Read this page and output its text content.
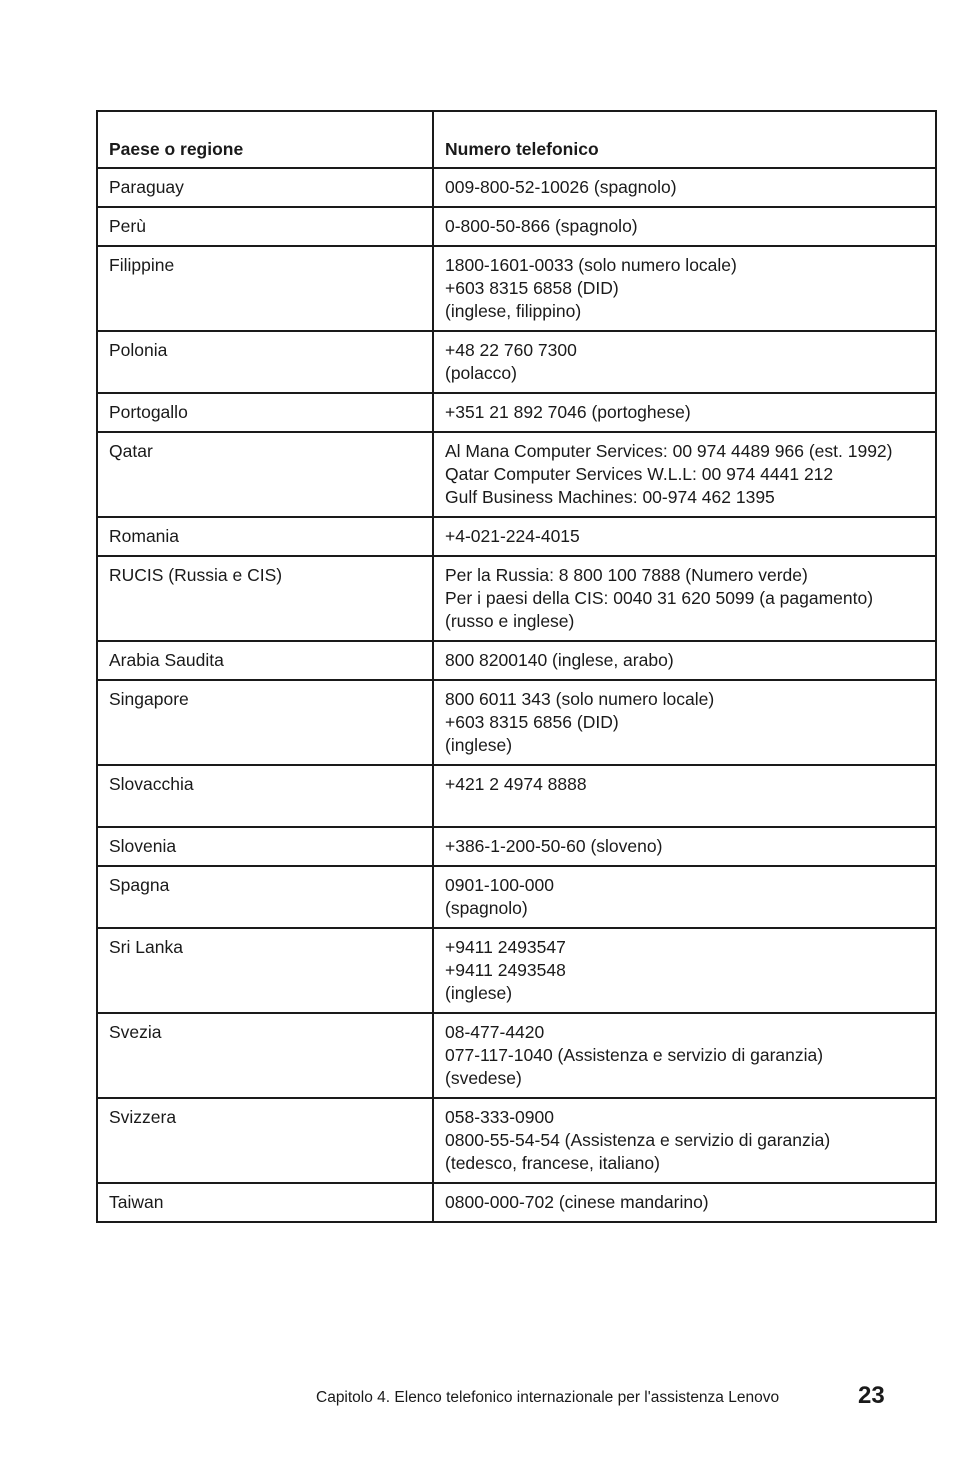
Paese o regione	Numero telefonico
Paraguay	009-800-52-10026 (spagnolo)

Perù	0-800-50-866 (spagnolo)

Filippine	1800-1601-0033 (solo numero locale)
+603 8315 6858 (DID)
(inglese, filippino)

Polonia	+48 22 760 7300
(polacco)

Portogallo	+351 21 892 7046 (portoghese)

Qatar	Al Mana Computer Services: 00 974 4489 966 (est. 1992)
Qatar Computer Services W.L.L: 00 974 4441 212
Gulf Business Machines: 00-974 462 1395

Romania	+4-021-224-4015

RUCIS (Russia e CIS)	Per la Russia: 8 800 100 7888 (Numero verde)
Per i paesi della CIS: 0040 31 620 5099 (a pagamento)
(russo e inglese)

Arabia Saudita	800 8200140 (inglese, arabo)

Singapore	800 6011 343 (solo numero locale)
+603 8315 6856 (DID)
(inglese)

Slovacchia	+421 2 4974 8888

Slovenia	+386-1-200-50-60 (sloveno)

Spagna	0901-100-000
(spagnolo)

Sri Lanka	+9411 2493547
+9411 2493548
(inglese)

Svezia	08-477-4420
077-117-1040 (Assistenza e servizio di garanzia)
(svedese)

Svizzera	058-333-0900
0800-55-54-54 (Assistenza e servizio di garanzia)
(tedesco, francese, italiano)

Taiwan	0800-000-702 (cinese mandarino)
Capitolo 4. Elenco telefonico internazionale per l'assistenza Lenovo	23
